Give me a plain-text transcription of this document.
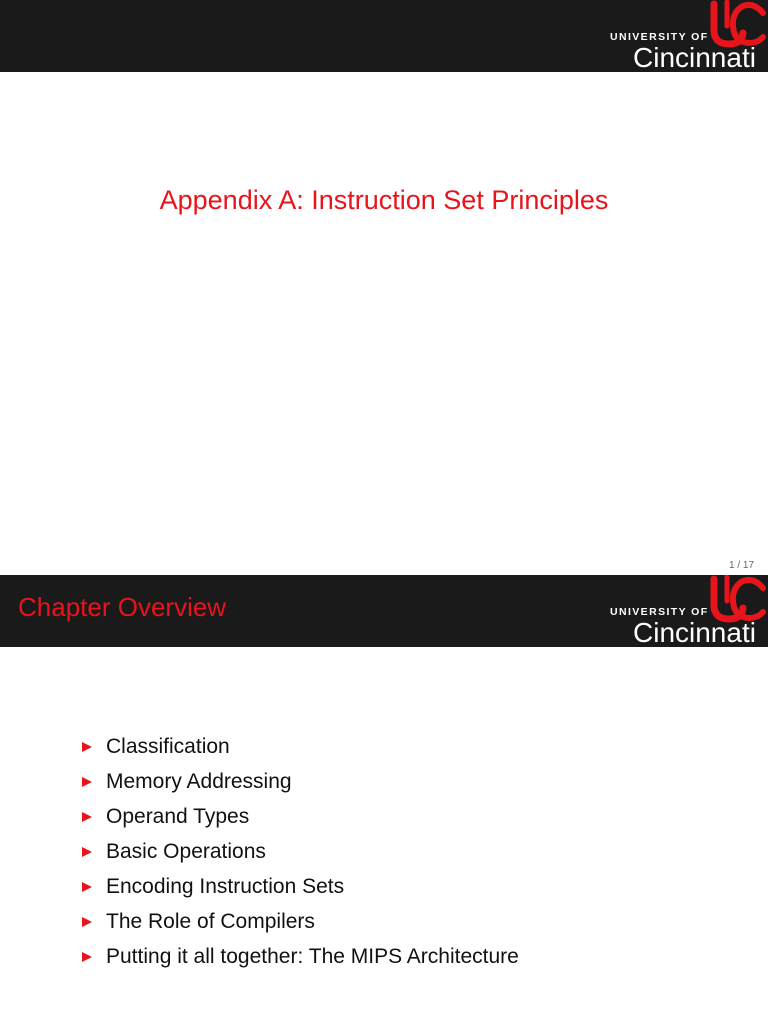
UNIVERSITY OF
Cincinnati
Appendix A: Instruction Set Principles
1 / 17
Chapter Overview	UNIVERSITY OF
Cincinnati
Classification
Memory Addressing
Operand Types
Basic Operations
Encoding Instruction Sets
The Role of Compilers
Putting it all together: The MIPS Architecture
